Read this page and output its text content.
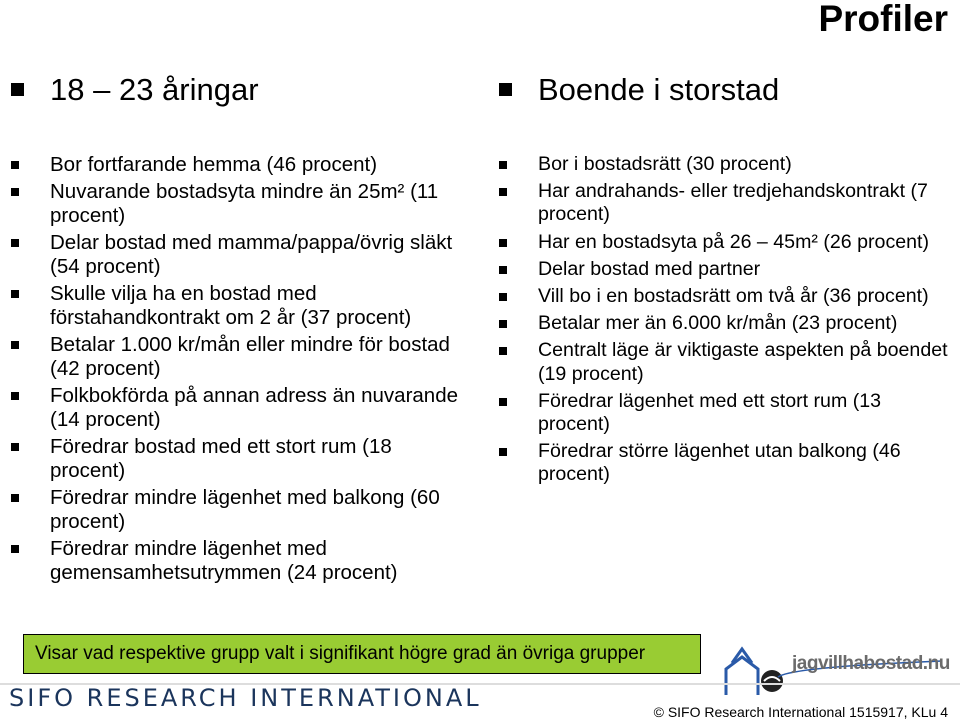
Profiler
18 – 23 åringar
Bor fortfarande hemma (46 procent)
Nuvarande bostadsyta mindre än 25m² (11 procent)
Delar bostad med mamma/pappa/övrig släkt (54 procent)
Skulle vilja ha en bostad med förstahandkontrakt om 2 år (37 procent)
Betalar 1.000 kr/mån eller mindre för bostad (42 procent)
Folkbokförda på annan adress än nuvarande (14 procent)
Föredrar bostad med ett stort rum (18 procent)
Föredrar mindre lägenhet med balkong (60 procent)
Föredrar mindre lägenhet med gemensamhetsutrymmen (24 procent)
Boende i storstad
Bor i bostadsrätt (30 procent)
Har andrahands- eller tredjehandskontrakt (7 procent)
Har en bostadsyta på 26 – 45m² (26 procent)
Delar bostad med partner
Vill bo i en bostadsrätt om två år (36 procent)
Betalar mer än 6.000 kr/mån (23 procent)
Centralt läge är viktigaste aspekten på boendet (19 procent)
Föredrar lägenhet med ett stort rum (13 procent)
Föredrar större lägenhet utan balkong (46 procent)
Visar vad respektive grupp valt i signifikant högre grad än övriga grupper	jagvillhabostad.nu
SIFO RESEARCH INTERNATIONAL	© SIFO Research International 1515917, KLu 4
